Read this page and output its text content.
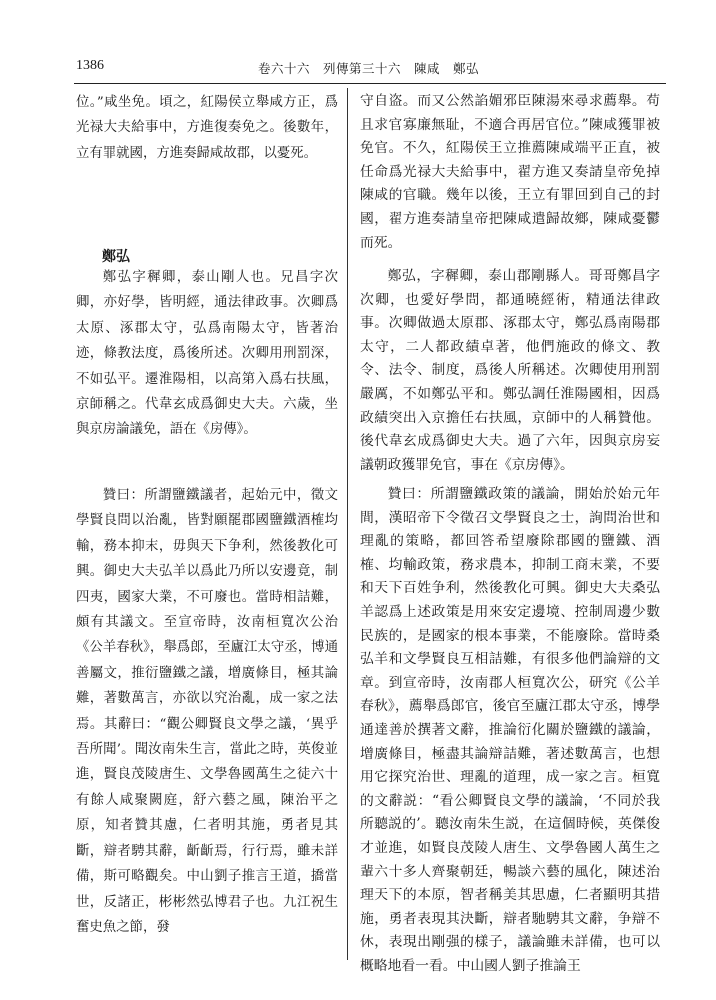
1386	卷六十六　列傳第三十六　陳咸　鄭弘

位。”咸坐免。頃之，紅陽侯立舉咸方正，爲光禄大夫給事中，方進復奏免之。後數年，立有罪就國，方進奏歸咸故郡，以憂死。

鄭弘

鄭弘字穉卿，泰山剛人也。兄昌字次卿，亦好學，皆明經，通法律政事。次卿爲太原、涿郡太守，弘爲南陽太守，皆著治迹，條教法度，爲後所述。次卿用刑罰深，不如弘平。遷淮陽相，以高第入爲右扶風，京師稱之。代韋玄成爲御史大夫。六歲，坐與京房論議免，語在《房傳》。

贊曰：所謂鹽鐵議者，起始元中，徵文學賢良問以治亂，皆對願罷郡國鹽鐵酒榷均輸，務本抑末，毋與天下争利，然後教化可興。御史大夫弘羊以爲此乃所以安邊竟，制四夷，國家大業，不可廢也。當時相詰難，頗有其議文。至宣帝時，汝南桓寬次公治《公羊春秋》，舉爲郎，至廬江太守丞，博通善屬文，推衍鹽鐵之議，增廣條目，極其論難，著數萬言，亦欲以究治亂，成一家之法焉。其辭曰：“觀公卿賢良文學之議，‘異乎吾所聞’。聞汝南朱生言，當此之時，英俊並進，賢良茂陵唐生、文學魯國萬生之徒六十有餘人咸聚闕庭，舒六藝之風，陳治平之原，知者贊其慮，仁者明其施，勇者見其斷，辯者騁其辭，齗齗焉，行行焉，雖未詳備，斯可略觀矣。中山劉子推言王道，撟當世，反諸正，彬彬然弘博君子也。九江祝生奮史魚之節，發

守自盗。而又公然諂媚邪臣陳湯來尋求薦舉。苟且求官寡廉無耻，不適合再居官位。”陳咸獲罪被免官。不久，紅陽侯王立推薦陳咸端平正直，被任命爲光禄大夫給事中，翟方進又奏請皇帝免掉陳咸的官職。幾年以後，王立有罪回到自己的封國，翟方進奏請皇帝把陳咸遣歸故鄉，陳咸憂鬱而死。

鄭弘，字穉卿，泰山郡剛縣人。哥哥鄭昌字次卿，也愛好學問，都通曉經術，精通法律政事。次卿做過太原郡、涿郡太守，鄭弘爲南陽郡太守，二人都政績卓著，他們施政的條文、教令、法令、制度，爲後人所稱述。次卿使用刑罰嚴厲，不如鄭弘平和。鄭弘調任淮陽國相，因爲政績突出入京擔任右扶風，京師中的人稱贊他。後代韋玄成爲御史大夫。過了六年，因與京房妄議朝政獲罪免官，事在《京房傳》。

贊曰：所謂鹽鐵政策的議論，開始於始元年間，漢昭帝下令徵召文學賢良之士，詢問治世和理亂的策略，都回答希望廢除郡國的鹽鐵、酒榷、均輸政策，務求農本，抑制工商末業，不要和天下百姓争利，然後教化可興。御史大夫桑弘羊認爲上述政策是用來安定邊境、控制周邊少數民族的，是國家的根本事業，不能廢除。當時桑弘羊和文學賢良互相詰難，有很多他們論辯的文章。到宣帝時，汝南郡人桓寬次公，研究《公羊春秋》，薦舉爲郎官，後官至廬江郡太守丞，博學通達善於撰著文辭，推論衍化關於鹽鐵的議論，增廣條目，極盡其論辯詰難，著述數萬言，也想用它探究治世、理亂的道理，成一家之言。桓寬的文辭説：“看公卿賢良文學的議論，‘不同於我所聽説的’。聽汝南朱生説，在這個時候，英傑俊才並進，如賢良茂陵人唐生、文學魯國人萬生之輩六十多人齊聚朝廷，暢談六藝的風化，陳述治理天下的本原，智者稱美其思慮，仁者顯明其措施，勇者表現其決斷，辯者馳騁其文辭，争辯不休，表現出剛强的樣子，議論雖未詳備，也可以概略地看一看。中山國人劉子推論王
